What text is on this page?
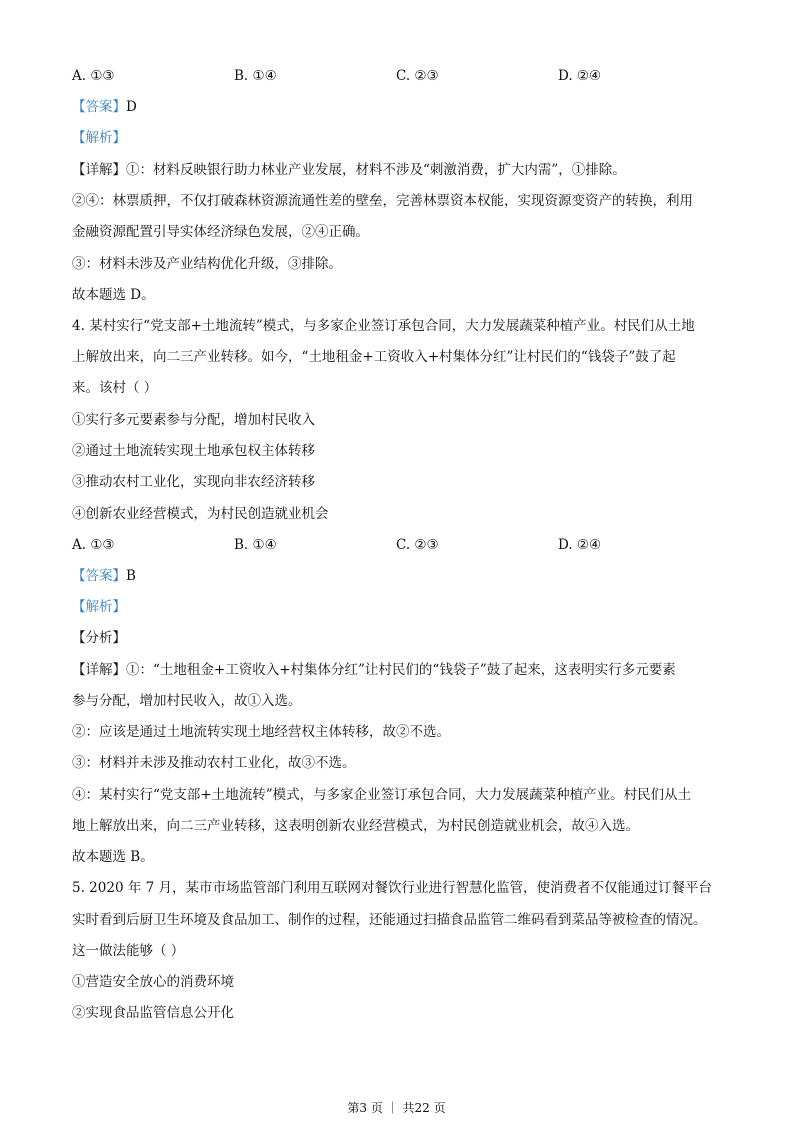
A. ①③	B. ①④	C. ②③	D. ②④
【答案】D
【解析】
【详解】①：材料反映银行助力林业产业发展，材料不涉及“刺激消费，扩大内需”，①排除。
②④：林票质押，不仅打破森林资源流通性差的壁垒，完善林票资本权能，实现资源变资产的转换，利用
金融资源配置引导实体经济绿色发展，②④正确。
③：材料未涉及产业结构优化升级，③排除。
故本题选 D。
4. 某村实行“党支部+土地流转”模式，与多家企业签订承包合同，大力发展蔬菜种植产业。村民们从土地
上解放出来，向二三产业转移。如今，“土地租金+工资收入+村集体分红”让村民们的“钱袋子”鼓了起
来。该村（ ）
①实行多元要素参与分配，增加村民收入
②通过土地流转实现土地承包权主体转移
③推动农村工业化，实现向非农经济转移
④创新农业经营模式，为村民创造就业机会
A. ①③	B. ①④	C. ②③	D. ②④
【答案】B
【解析】
【分析】
【详解】①：“土地租金+工资收入+村集体分红”让村民们的“钱袋子”鼓了起来，这表明实行多元要素
参与分配，增加村民收入，故①入选。
②：应该是通过土地流转实现土地经营权主体转移，故②不选。
③：材料并未涉及推动农村工业化，故③不选。
④：某村实行“党支部+土地流转”模式，与多家企业签订承包合同，大力发展蔬菜种植产业。村民们从土
地上解放出来，向二三产业转移，这表明创新农业经营模式，为村民创造就业机会，故④入选。
故本题选 B。
5. 2020 年 7 月，某市市场监管部门利用互联网对餐饮行业进行智慧化监管，使消费者不仅能通过订餐平台
实时看到后厨卫生环境及食品加工、制作的过程，还能通过扫描食品监管二维码看到菜品等被检查的情况。
这一做法能够（ ）
①营造安全放心的消费环境
②实现食品监管信息公开化
第3 页 ｜ 共22 页
